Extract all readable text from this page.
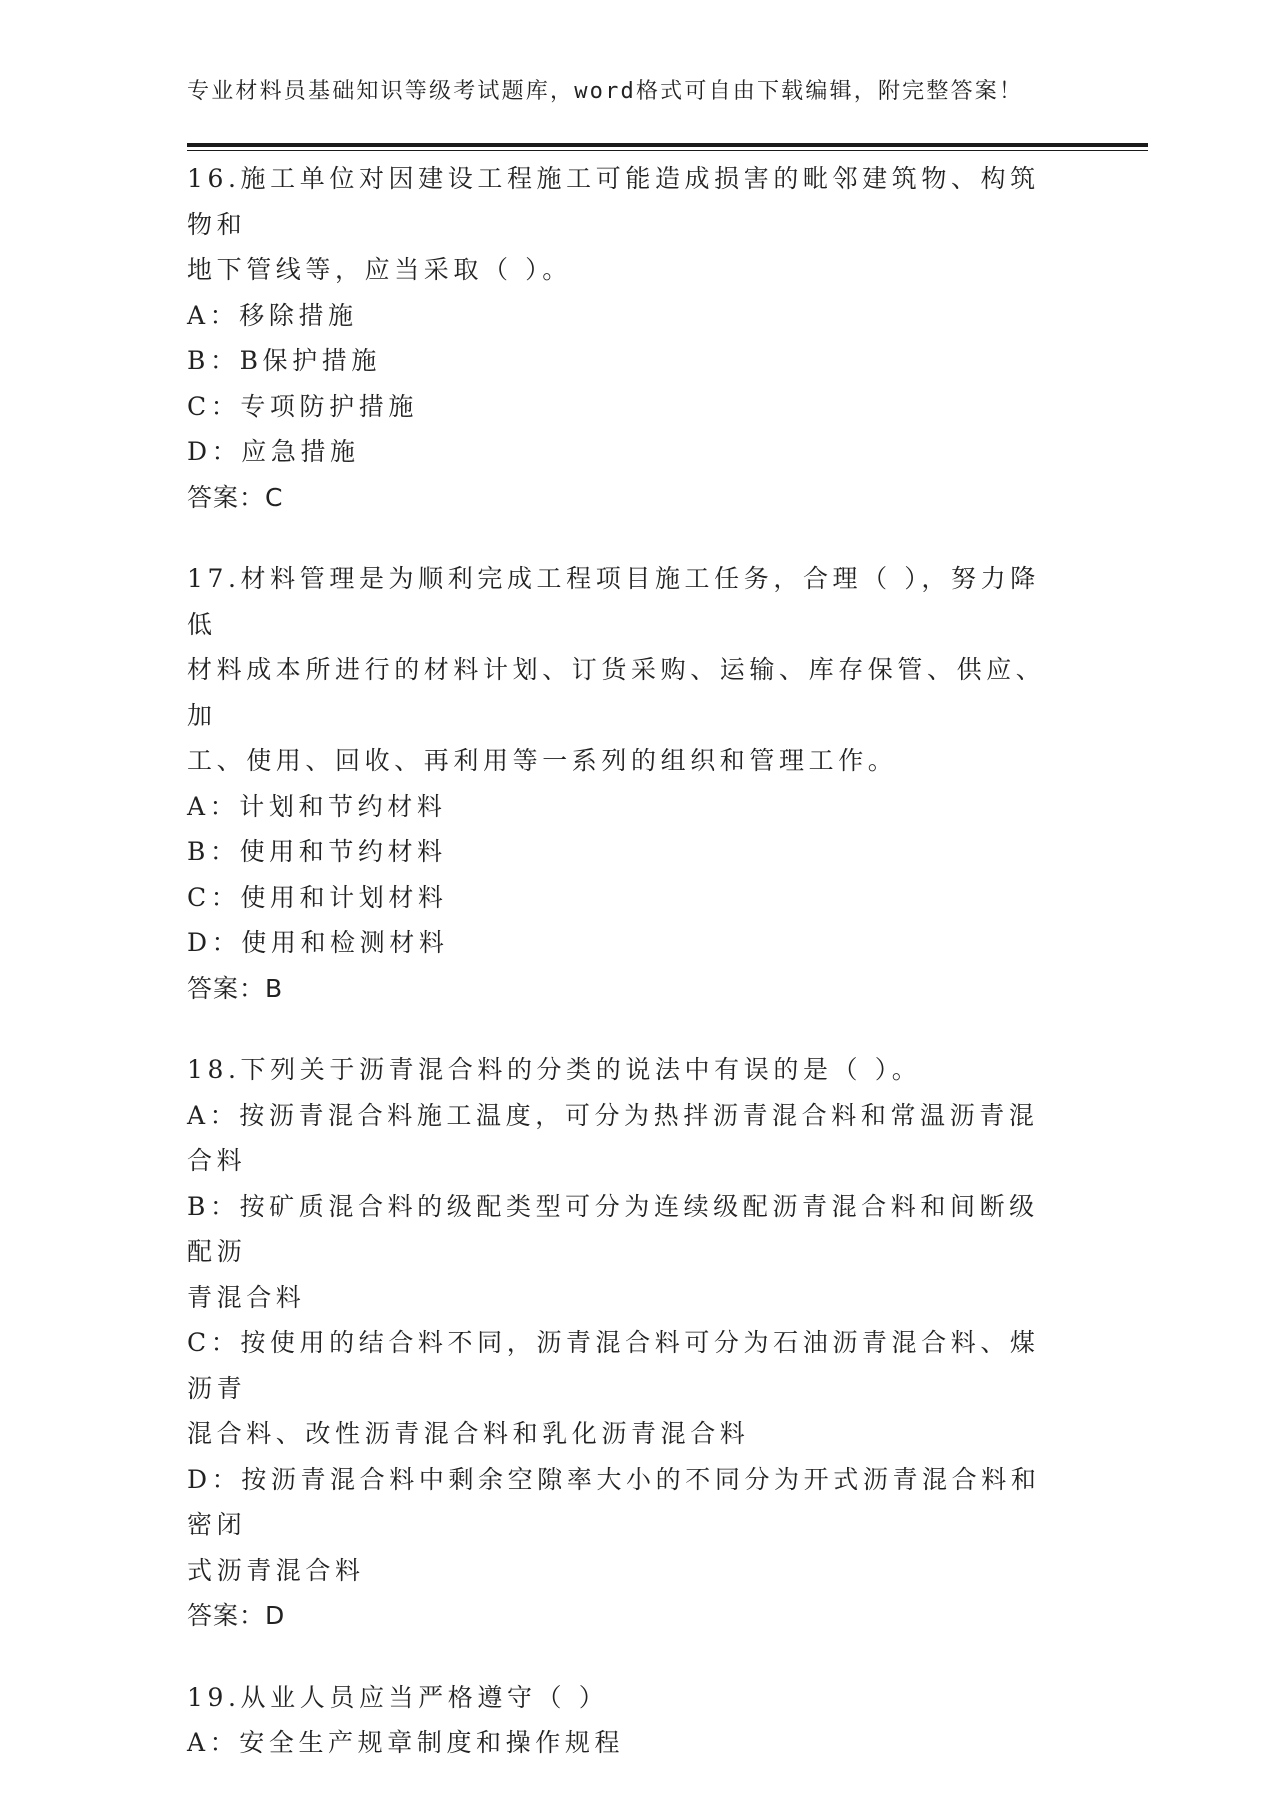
专业材料员基础知识等级考试题库，word格式可自由下载编辑，附完整答案！

16.施工单位对因建设工程施工可能造成损害的毗邻建筑物、构筑物和

地下管线等，应当采取（ ）。

A：移除措施

B：B保护措施

C：专项防护措施

D：应急措施

答案：C

17.材料管理是为顺利完成工程项目施工任务，合理（ ），努力降低

材料成本所进行的材料计划、订货采购、运输、库存保管、供应、加

工、使用、回收、再利用等一系列的组织和管理工作。

A：计划和节约材料

B：使用和节约材料

C：使用和计划材料

D：使用和检测材料

答案：B

18.下列关于沥青混合料的分类的说法中有误的是（ ）。

A：按沥青混合料施工温度，可分为热拌沥青混合料和常温沥青混合料

B：按矿质混合料的级配类型可分为连续级配沥青混合料和间断级配沥

青混合料

C：按使用的结合料不同，沥青混合料可分为石油沥青混合料、煤沥青

混合料、改性沥青混合料和乳化沥青混合料

D：按沥青混合料中剩余空隙率大小的不同分为开式沥青混合料和密闭

式沥青混合料

答案：D

19.从业人员应当严格遵守（ ）

A：安全生产规章制度和操作规程
